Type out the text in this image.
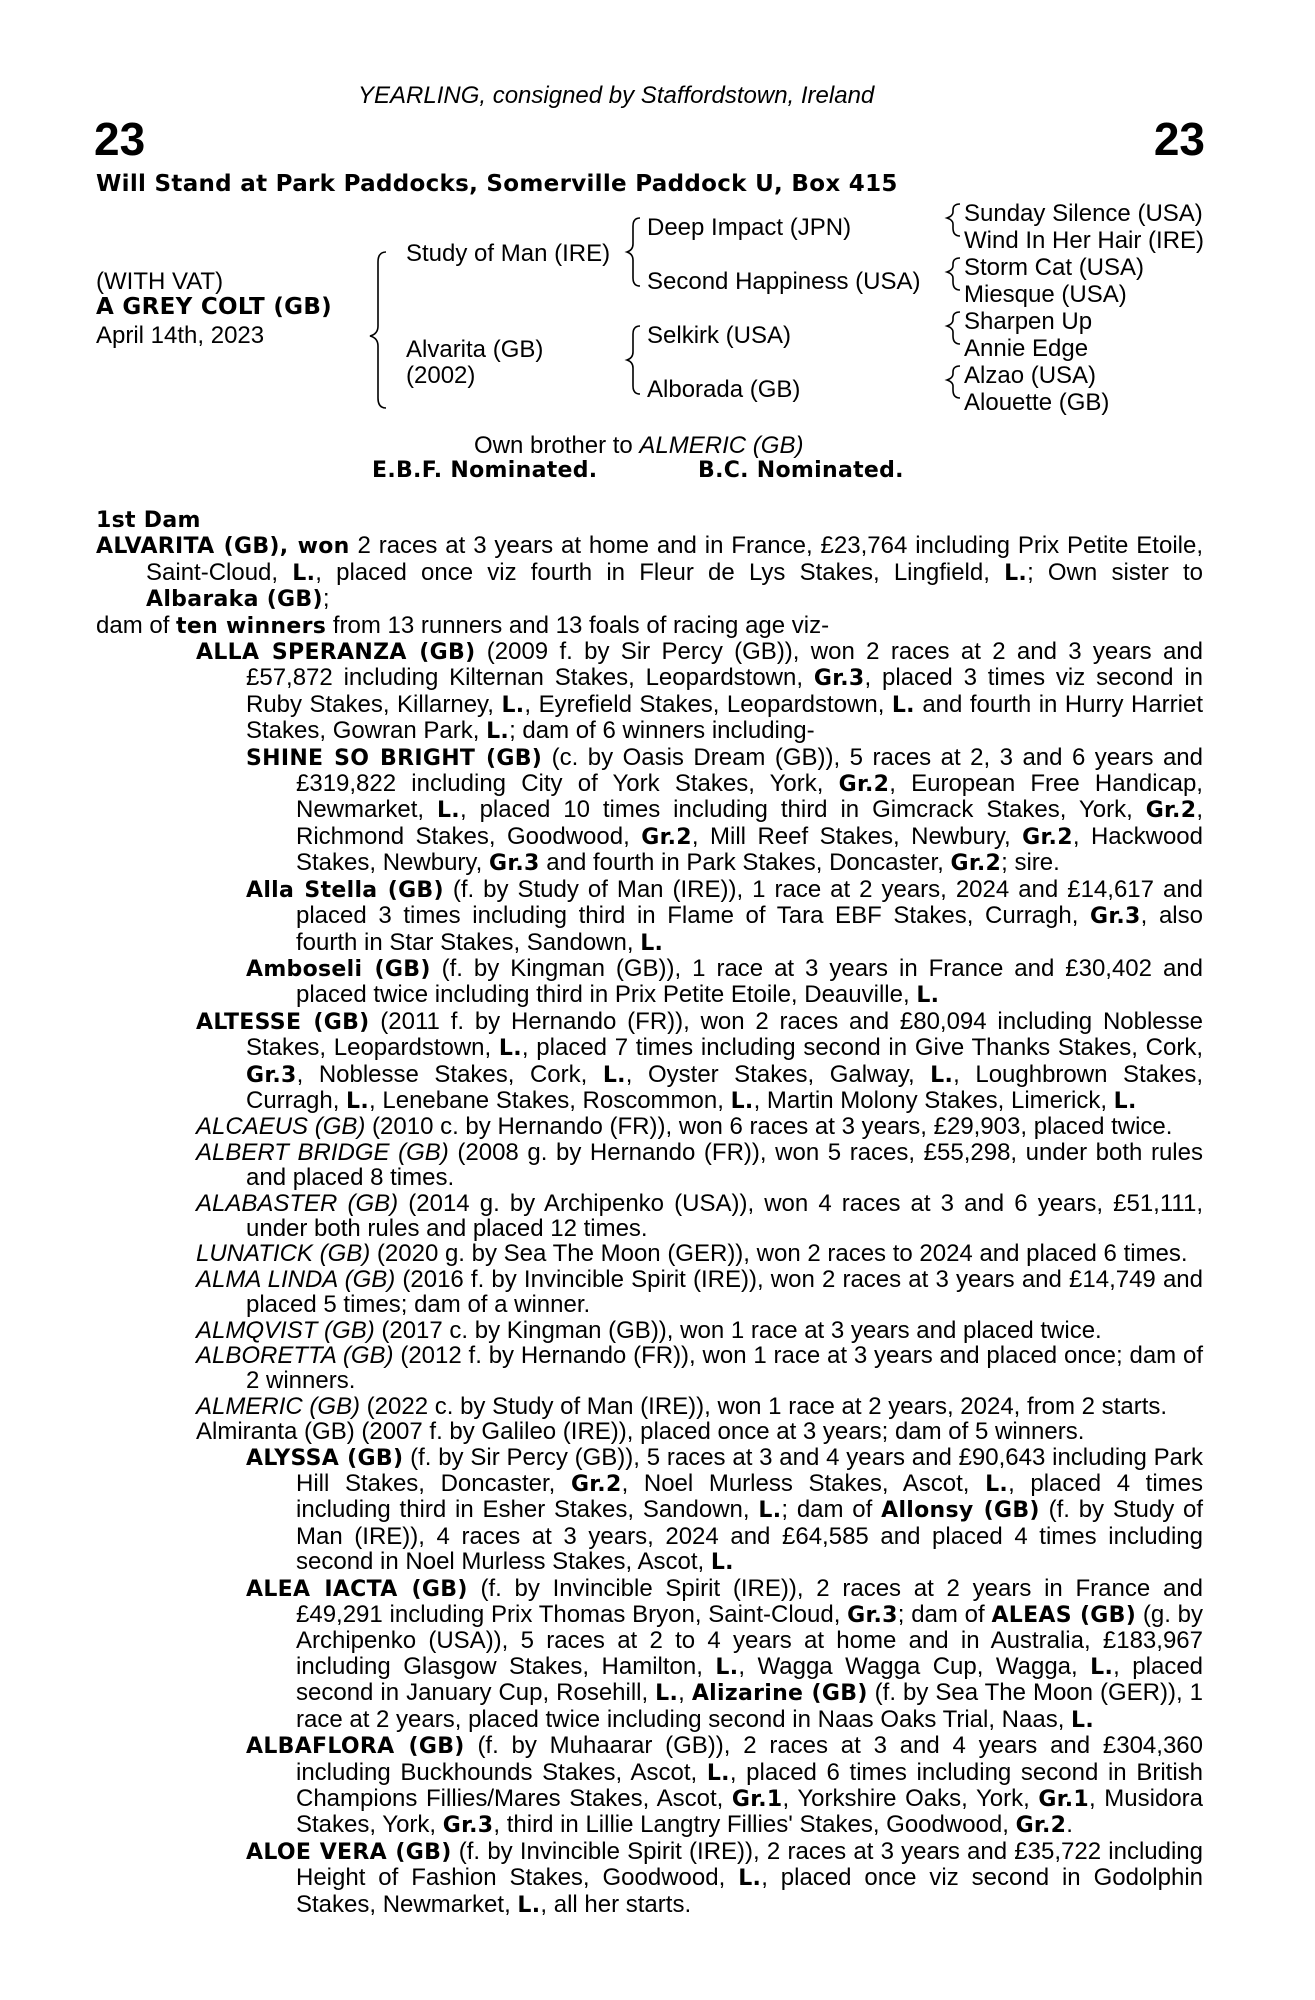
23	23
YEARLING, consigned by Staffordstown, Ireland
Will Stand at Park Paddocks, Somerville Paddock U, Box 415
(WITH VAT)
A GREY COLT (GB)
April 14th, 2023
Study of Man (IRE)
Alvarita (GB)
(2002)
Deep Impact (JPN)
Second Happiness (USA)
Selkirk (USA)
Alborada (GB)
Sunday Silence (USA)
Wind In Her Hair (IRE)
Storm Cat (USA)
Miesque (USA)
Sharpen Up
Annie Edge
Alzao (USA)
Alouette (GB)
Own brother to ALMERIC (GB)
E.B.F. Nominated.	B.C. Nominated.

1st Dam

ALVARITA (GB), won 2 races at 3 years at home and in France, £23,764 including Prix Petite Etoile, Saint-Cloud, L., placed once viz fourth in Fleur de Lys Stakes, Lingfield, L.; Own sister to Albaraka (GB);

dam of ten winners from 13 runners and 13 foals of racing age viz-

ALLA SPERANZA (GB) (2009 f. by Sir Percy (GB)), won 2 races at 2 and 3 years and £57,872 including Kilternan Stakes, Leopardstown, Gr.3, placed 3 times viz second in Ruby Stakes, Killarney, L., Eyrefield Stakes, Leopardstown, L. and fourth in Hurry Harriet Stakes, Gowran Park, L.; dam of 6 winners including-

SHINE SO BRIGHT (GB) (c. by Oasis Dream (GB)), 5 races at 2, 3 and 6 years and £319,822 including City of York Stakes, York, Gr.2, European Free Handicap, Newmarket, L., placed 10 times including third in Gimcrack Stakes, York, Gr.2, Richmond Stakes, Goodwood, Gr.2, Mill Reef Stakes, Newbury, Gr.2, Hackwood Stakes, Newbury, Gr.3 and fourth in Park Stakes, Doncaster, Gr.2; sire.

Alla Stella (GB) (f. by Study of Man (IRE)), 1 race at 2 years, 2024 and £14,617 and placed 3 times including third in Flame of Tara EBF Stakes, Curragh, Gr.3, also fourth in Star Stakes, Sandown, L.

Amboseli (GB) (f. by Kingman (GB)), 1 race at 3 years in France and £30,402 and placed twice including third in Prix Petite Etoile, Deauville, L.

ALTESSE (GB) (2011 f. by Hernando (FR)), won 2 races and £80,094 including Noblesse Stakes, Leopardstown, L., placed 7 times including second in Give Thanks Stakes, Cork, Gr.3, Noblesse Stakes, Cork, L., Oyster Stakes, Galway, L., Loughbrown Stakes, Curragh, L., Lenebane Stakes, Roscommon, L., Martin Molony Stakes, Limerick, L.

ALCAEUS (GB) (2010 c. by Hernando (FR)), won 6 races at 3 years, £29,903, placed twice.

ALBERT BRIDGE (GB) (2008 g. by Hernando (FR)), won 5 races, £55,298, under both rules and placed 8 times.

ALABASTER (GB) (2014 g. by Archipenko (USA)), won 4 races at 3 and 6 years, £51,111, under both rules and placed 12 times.

LUNATICK (GB) (2020 g. by Sea The Moon (GER)), won 2 races to 2024 and placed 6 times.

ALMA LINDA (GB) (2016 f. by Invincible Spirit (IRE)), won 2 races at 3 years and £14,749 and placed 5 times; dam of a winner.

ALMQVIST (GB) (2017 c. by Kingman (GB)), won 1 race at 3 years and placed twice.

ALBORETTA (GB) (2012 f. by Hernando (FR)), won 1 race at 3 years and placed once; dam of 2 winners.

ALMERIC (GB) (2022 c. by Study of Man (IRE)), won 1 race at 2 years, 2024, from 2 starts.

Almiranta (GB) (2007 f. by Galileo (IRE)), placed once at 3 years; dam of 5 winners.

ALYSSA (GB) (f. by Sir Percy (GB)), 5 races at 3 and 4 years and £90,643 including Park Hill Stakes, Doncaster, Gr.2, Noel Murless Stakes, Ascot, L., placed 4 times including third in Esher Stakes, Sandown, L.; dam of Allonsy (GB) (f. by Study of Man (IRE)), 4 races at 3 years, 2024 and £64,585 and placed 4 times including second in Noel Murless Stakes, Ascot, L.

ALEA IACTA (GB) (f. by Invincible Spirit (IRE)), 2 races at 2 years in France and £49,291 including Prix Thomas Bryon, Saint-Cloud, Gr.3; dam of ALEAS (GB) (g. by Archipenko (USA)), 5 races at 2 to 4 years at home and in Australia, £183,967 including Glasgow Stakes, Hamilton, L., Wagga Wagga Cup, Wagga, L., placed second in January Cup, Rosehill, L., Alizarine (GB) (f. by Sea The Moon (GER)), 1 race at 2 years, placed twice including second in Naas Oaks Trial, Naas, L.

ALBAFLORA (GB) (f. by Muhaarar (GB)), 2 races at 3 and 4 years and £304,360 including Buckhounds Stakes, Ascot, L., placed 6 times including second in British Champions Fillies/Mares Stakes, Ascot, Gr.1, Yorkshire Oaks, York, Gr.1, Musidora Stakes, York, Gr.3, third in Lillie Langtry Fillies' Stakes, Goodwood, Gr.2.

ALOE VERA (GB) (f. by Invincible Spirit (IRE)), 2 races at 3 years and £35,722 including Height of Fashion Stakes, Goodwood, L., placed once viz second in Godolphin Stakes, Newmarket, L., all her starts.
